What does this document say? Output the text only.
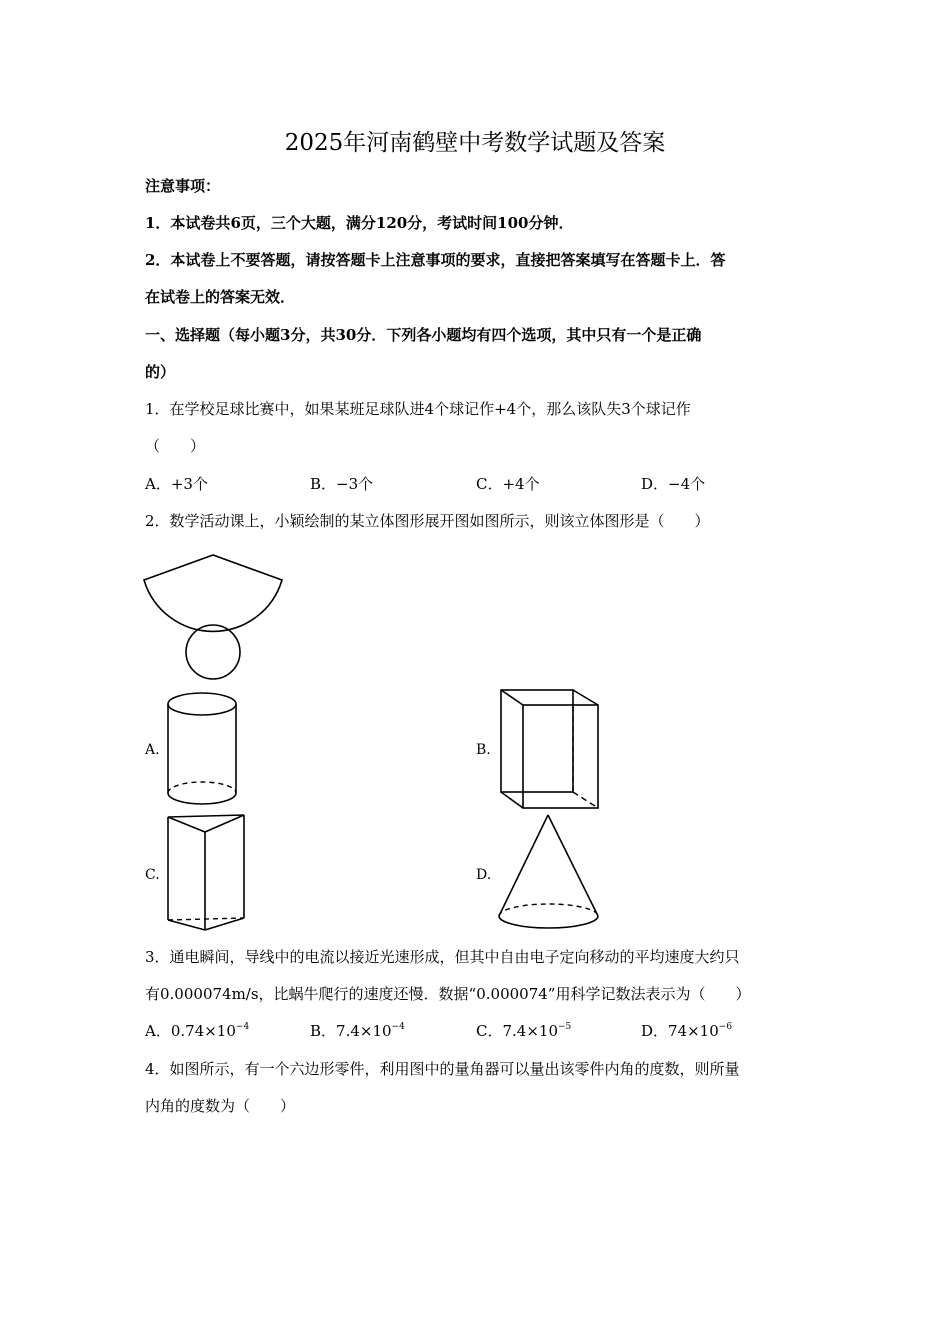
2025年河南鹤壁中考数学试题及答案
注意事项：
1．本试卷共6页，三个大题，满分120分，考试时间100分钟．
2．本试卷上不要答题，请按答题卡上注意事项的要求，直接把答案填写在答题卡上．答
在试卷上的答案无效．
一、选择题（每小题3分，共30分．下列各小题均有四个选项，其中只有一个是正确
的）
1．在学校足球比赛中，如果某班足球队进4个球记作+4个，那么该队失3个球记作
（　　）
A．+3个	B．−3个	C．+4个	D．−4个
2．数学活动课上，小颖绘制的某立体图形展开图如图所示，则该立体图形是（　　）
A.	B.
C.	D.
3．通电瞬间，导线中的电流以接近光速形成，但其中自由电子定向移动的平均速度大约只
有0.000074m/s，比蜗牛爬行的速度还慢．数据“0.000074”用科学记数法表示为（　　）
A．$0.74\times 10^{-4}$	B．$7.4\times 10^{-4}$	C．$7.4\times 10^{-5}$	D．$74\times 10^{-6}$
4．如图所示，有一个六边形零件，利用图中的量角器可以量出该零件内角的度数，则所量
内角的度数为（　　）
